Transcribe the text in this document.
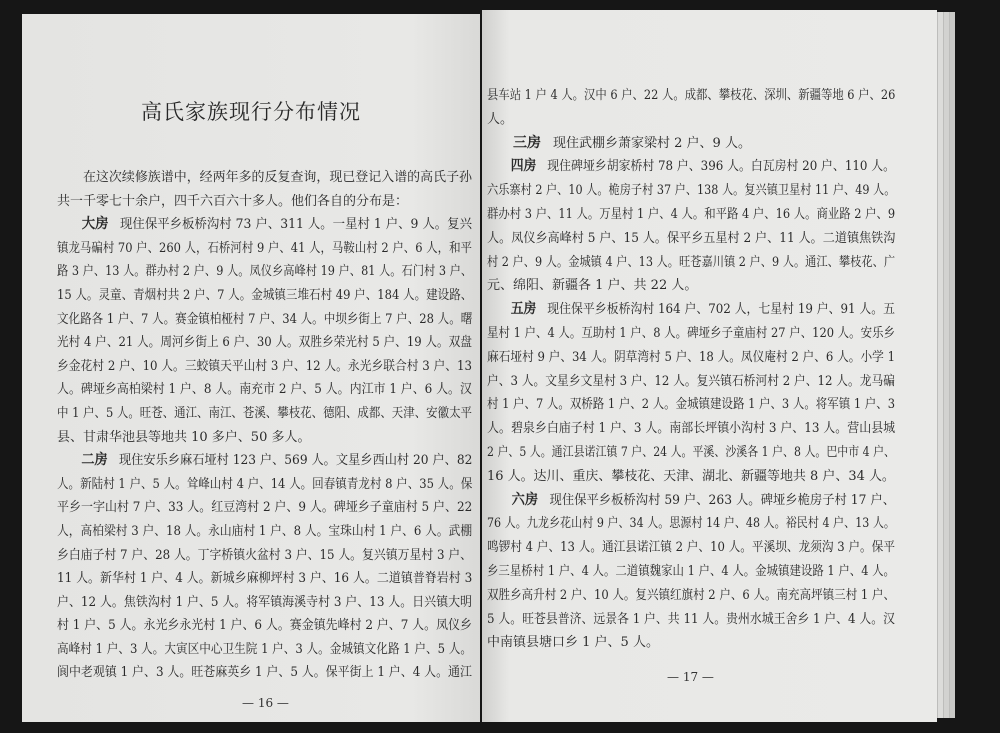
高氏家族现行分布情况
在这次续修族谱中，经两年多的反复查询，现已登记入谱的高氏子孙
共一千零七十余户，四千六百六十多人。他们各自的分布是：
大房 现住保平乡板桥沟村 73 户、311 人。一星村 1 户、9 人。复兴
镇龙马碥村 70 户、260 人，石桥河村 9 户、41 人，马鞍山村 2 户、6 人，和平
路 3 户、13 人。群办村 2 户、9 人。凤仪乡高峰村 19 户、81 人。石门村 3 户、
15 人。灵童、青烟村共 2 户、7 人。金城镇三堆石村 49 户、184 人。建设路、
文化路各 1 户、7 人。赛金镇柏桠村 7 户、34 人。中坝乡街上 7 户、28 人。曙
光村 4 户、21 人。周河乡街上 6 户、30 人。双胜乡荣光村 5 户、19 人。双盘
乡金花村 2 户、10 人。三蛟镇天平山村 3 户、12 人。永光乡联合村 3 户、13
人。碑垭乡高柏梁村 1 户、8 人。南充市 2 户、5 人。内江市 1 户、6 人。汉
中 1 户、5 人。旺苍、通江、南江、苍溪、攀枝花、德阳、成都、天津、安徽太平
县、甘肃华池县等地共 10 多户、50 多人。
二房 现住安乐乡麻石垭村 123 户、569 人。文星乡西山村 20 户、82
人。新陆村 1 户、5 人。耸峰山村 4 户、14 人。回春镇青龙村 8 户、35 人。保
平乡一字山村 7 户、33 人。红豆湾村 2 户、9 人。碑垭乡子童庙村 5 户、22
人，高柏梁村 3 户、18 人。永山庙村 1 户、8 人。宝珠山村 1 户、6 人。武棚
乡白庙子村 7 户、28 人。丁字桥镇火盆村 3 户、15 人。复兴镇万星村 3 户、
11 人。新华村 1 户、4 人。新城乡麻柳坪村 3 户、16 人。二道镇普脊岩村 3
户、12 人。焦铁沟村 1 户、5 人。将军镇海溪寺村 3 户、13 人。日兴镇大明
村 1 户、5 人。永光乡永光村 1 户、6 人。赛金镇先峰村 2 户、7 人。凤仪乡
高峰村 1 户、3 人。大寅区中心卫生院 1 户、3 人。金城镇文化路 1 户、5 人。
阆中老观镇 1 户、3 人。旺苍麻英乡 1 户、5 人。保平街上 1 户、4 人。通江
— 16 —
县车站 1 户 4 人。汉中 6 户、22 人。成都、攀枝花、深圳、新疆等地 6 户、26
人。
三房 现住武棚乡萧家梁村 2 户、9 人。
四房 现住碑垭乡胡家桥村 78 户、396 人。白瓦房村 20 户、110 人。
六乐寨村 2 户、10 人。桅房子村 37 户、138 人。复兴镇卫星村 11 户、49 人。
群办村 3 户、11 人。万星村 1 户、4 人。和平路 4 户、16 人。商业路 2 户、9
人。凤仪乡高峰村 5 户、15 人。保平乡五星村 2 户、11 人。二道镇焦铁沟
村 2 户、9 人。金城镇 4 户、13 人。旺苍嘉川镇 2 户、9 人。通江、攀枝花、广
元、绵阳、新疆各 1 户、共 22 人。
五房 现住保平乡板桥沟村 164 户、702 人，七星村 19 户、91 人。五
星村 1 户、4 人。互助村 1 户、8 人。碑垭乡子童庙村 27 户、120 人。安乐乡
麻石垭村 9 户、34 人。阴草湾村 5 户、18 人。凤仪庵村 2 户、6 人。小学 1
户、3 人。文星乡文星村 3 户、12 人。复兴镇石桥河村 2 户、12 人。龙马碥
村 1 户、7 人。双桥路 1 户、2 人。金城镇建设路 1 户、3 人。将军镇 1 户、3
人。碧泉乡白庙子村 1 户、3 人。南部长坪镇小沟村 3 户、13 人。营山县城
2 户、5 人。通江县诺江镇 7 户、24 人。平溪、沙溪各 1 户、8 人。巴中市 4 户、
16 人。达川、重庆、攀枝花、天津、湖北、新疆等地共 8 户、34 人。
六房 现住保平乡板桥沟村 59 户、263 人。碑垭乡桅房子村 17 户、
76 人。九龙乡花山村 9 户、34 人。思源村 14 户、48 人。裕民村 4 户、13 人。
鸣锣村 4 户、13 人。通江县诺江镇 2 户、10 人。平溪坝、龙须沟 3 户。保平
乡三星桥村 1 户、4 人。二道镇魏家山 1 户、4 人。金城镇建设路 1 户、4 人。
双胜乡高升村 2 户、10 人。复兴镇红旗村 2 户、6 人。南充高坪镇三村 1 户、
5 人。旺苍县普济、远景各 1 户、共 11 人。贵州水城王舍乡 1 户、4 人。汉
中南镇县塘口乡 1 户、5 人。
— 17 —
